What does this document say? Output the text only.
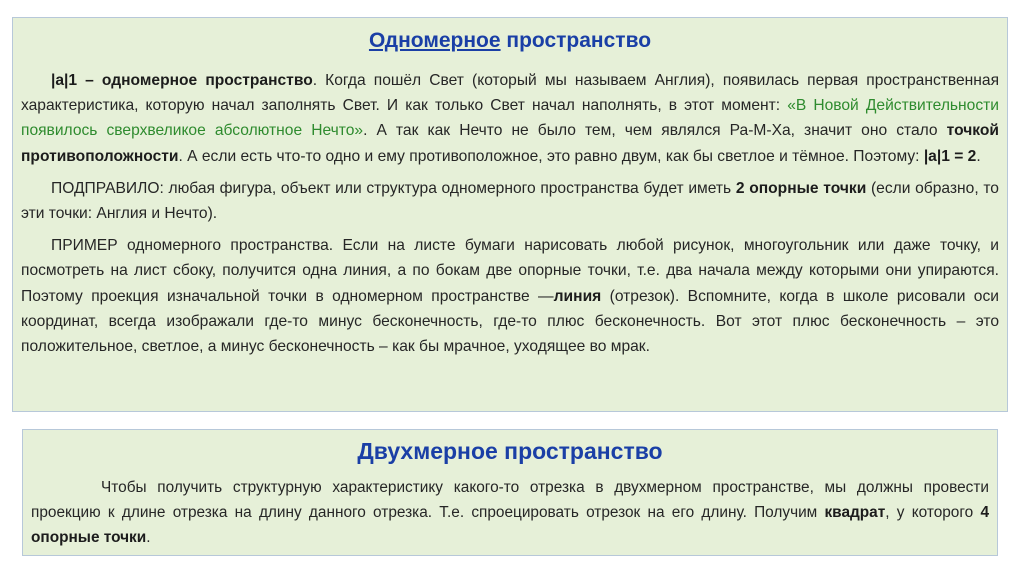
Одномерное пространство

|a|1 – одномерное пространство. Когда пошёл Свет (который мы называем Англия), появилась первая пространственная характеристика, которую начал заполнять Свет. И как только Свет начал наполнять, в этот момент: «В Новой Действительности появилось сверхвеликое абсолютное Нечто». А так как Нечто не было тем, чем являлся Ра-М-Ха, значит оно стало точкой противоположности. А если есть что-то одно и ему противоположное, это равно двум, как бы светлое и тёмное. Поэтому: |a|1 = 2.

ПОДПРАВИЛО: любая фигура, объект или структура одномерного пространства будет иметь 2 опорные точки (если образно, то эти точки: Англия и Нечто).

ПРИМЕР одномерного пространства. Если на листе бумаги нарисовать любой рисунок, многоугольник или даже точку, и посмотреть на лист сбоку, получится одна линия, а по бокам две опорные точки, т.е. два начала между которыми они упираются. Поэтому проекция изначальной точки в одномерном пространстве —линия (отрезок). Вспомните, когда в школе рисовали оси координат, всегда изображали где-то минус бесконечность, где-то плюс бесконечность. Вот этот плюс бесконечность – это положительное, светлое, а минус бесконечность – как бы мрачное, уходящее во мрак.

Двухмерное пространство

Чтобы получить структурную характеристику какого-то отрезка в двухмерном пространстве, мы должны провести проекцию к длине отрезка на длину данного отрезка. Т.е. спроецировать отрезок на его длину. Получим квадрат, у которого 4 опорные точки.
